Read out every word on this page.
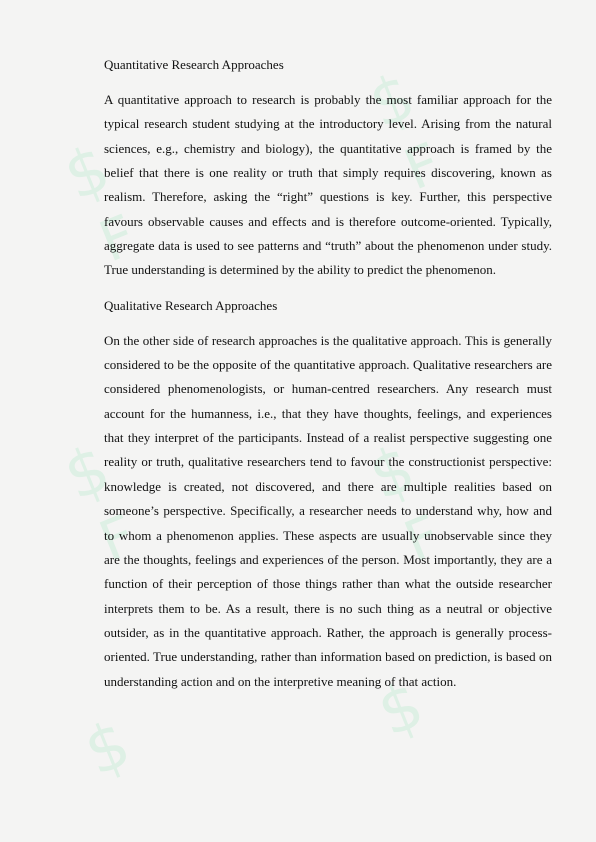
$
F
$
F
$
F
$
F
$	$
Quantitative Research Approaches

A quantitative approach to research is probably the most familiar approach for the typical research student studying at the introductory level. Arising from the natural sciences, e.g., chemistry and biology), the quantitative approach is framed by the belief that there is one reality or truth that simply requires discovering, known as realism. Therefore, asking the “right” questions is key. Further, this perspective favours observable causes and effects and is therefore outcome-oriented. Typically, aggregate data is used to see patterns and “truth” about the phenomenon under study. True understanding is determined by the ability to predict the phenomenon.

Qualitative Research Approaches

On the other side of research approaches is the qualitative approach. This is generally considered to be the opposite of the quantitative approach. Qualitative researchers are considered phenomenologists, or human-centred researchers. Any research must account for the humanness, i.e., that they have thoughts, feelings, and experiences that they interpret of the participants. Instead of a realist perspective suggesting one reality or truth, qualitative researchers tend to favour the constructionist perspective: knowledge is created, not discovered, and there are multiple realities based on someone’s perspective. Specifically, a researcher needs to understand why, how and to whom a phenomenon applies. These aspects are usually unobservable since they are the thoughts, feelings and experiences of the person. Most importantly, they are a function of their perception of those things rather than what the outside researcher interprets them to be. As a result, there is no such thing as a neutral or objective outsider, as in the quantitative approach. Rather, the approach is generally process-oriented. True understanding, rather than information based on prediction, is based on understanding action and on the interpretive meaning of that action.
